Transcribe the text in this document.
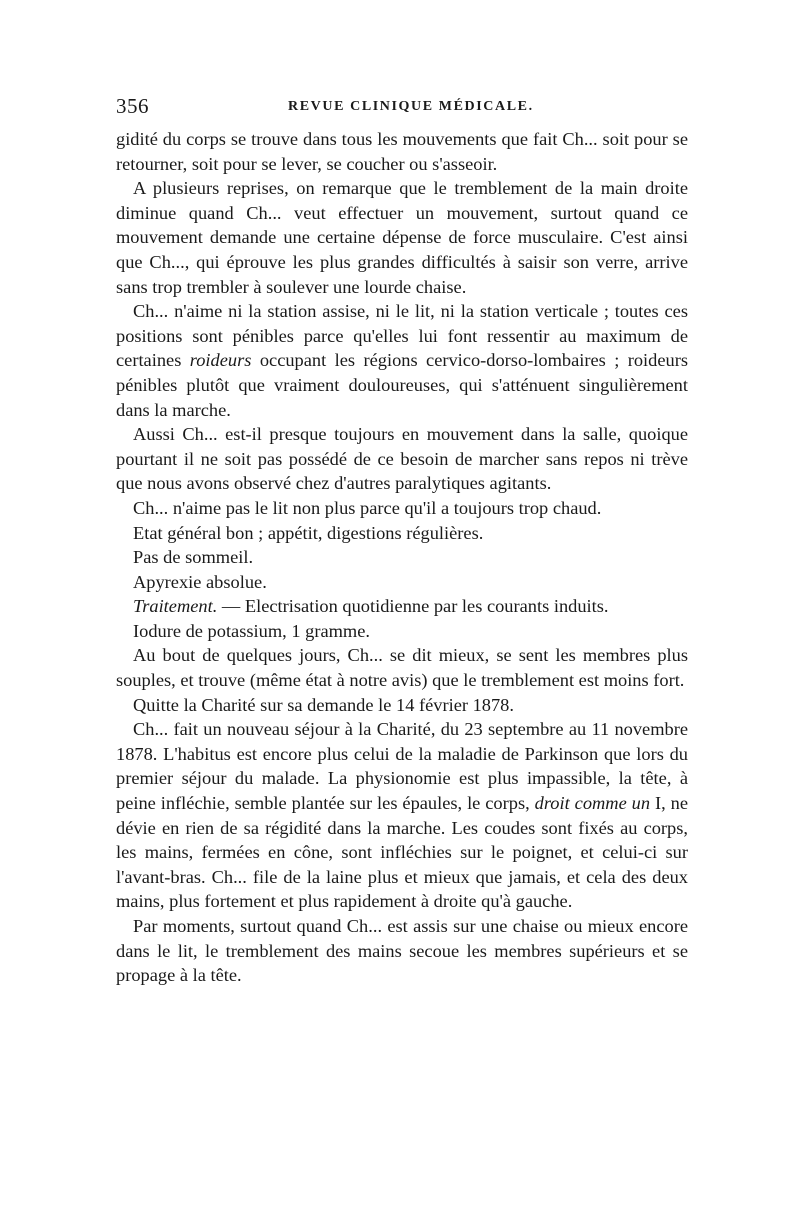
356	REVUE CLINIQUE MÉDICALE.

gidité du corps se trouve dans tous les mouvements que fait Ch... soit pour se retourner, soit pour se lever, se coucher ou s'asseoir.

A plusieurs reprises, on remarque que le tremblement de la main droite diminue quand Ch... veut effectuer un mouvement, surtout quand ce mouvement demande une certaine dépense de force musculaire. C'est ainsi que Ch..., qui éprouve les plus grandes difficultés à saisir son verre, arrive sans trop trembler à soulever une lourde chaise.

Ch... n'aime ni la station assise, ni le lit, ni la station verticale ; toutes ces positions sont pénibles parce qu'elles lui font ressentir au maximum de certaines roideurs occupant les régions cervico-dorso-lombaires ; roideurs pénibles plutôt que vraiment douloureuses, qui s'atténuent singulièrement dans la marche.

Aussi Ch... est-il presque toujours en mouvement dans la salle, quoique pourtant il ne soit pas possédé de ce besoin de marcher sans repos ni trève que nous avons observé chez d'autres paralytiques agitants.

Ch... n'aime pas le lit non plus parce qu'il a toujours trop chaud.

Etat général bon ; appétit, digestions régulières.

Pas de sommeil.

Apyrexie absolue.

Traitement. — Electrisation quotidienne par les courants induits.

Iodure de potassium, 1 gramme.

Au bout de quelques jours, Ch... se dit mieux, se sent les membres plus souples, et trouve (même état à notre avis) que le tremblement est moins fort.

Quitte la Charité sur sa demande le 14 février 1878.

Ch... fait un nouveau séjour à la Charité, du 23 septembre au 11 novembre 1878. L'habitus est encore plus celui de la maladie de Parkinson que lors du premier séjour du malade. La physionomie est plus impassible, la tête, à peine infléchie, semble plantée sur les épaules, le corps, droit comme un I, ne dévie en rien de sa régidité dans la marche. Les coudes sont fixés au corps, les mains, fermées en cône, sont infléchies sur le poignet, et celui-ci sur l'avant-bras. Ch... file de la laine plus et mieux que jamais, et cela des deux mains, plus fortement et plus rapidement à droite qu'à gauche.

Par moments, surtout quand Ch... est assis sur une chaise ou mieux encore dans le lit, le tremblement des mains secoue les membres supérieurs et se propage à la tête.
